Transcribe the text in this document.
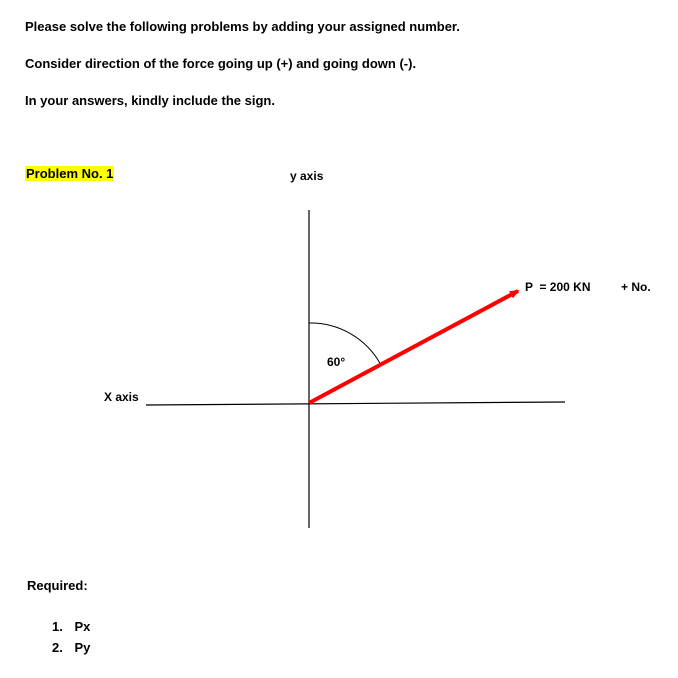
Please solve the following problems by adding your assigned number.
Consider direction of the force going up (+) and going down (-).
In your answers, kindly include the sign.
Problem No. 1	y axis
X axis
60°
P  = 200 KN	+ No.
Required:
1. Px
2. Py
